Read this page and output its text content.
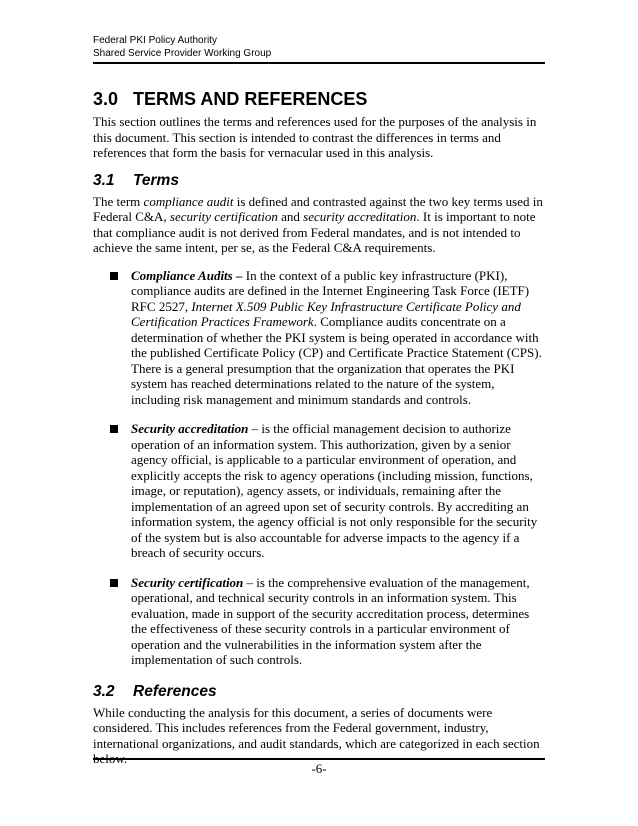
Federal PKI Policy Authority
Shared Service Provider Working Group
3.0 TERMS AND REFERENCES

This section outlines the terms and references used for the purposes of the analysis in this document. This section is intended to contrast the differences in terms and references that form the basis for vernacular used in this analysis.

3.1 Terms

The term compliance audit is defined and contrasted against the two key terms used in Federal C&A, security certification and security accreditation. It is important to note that compliance audit is not derived from Federal mandates, and is not intended to achieve the same intent, per se, as the Federal C&A requirements.

Compliance Audits – In the context of a public key infrastructure (PKI), compliance audits are defined in the Internet Engineering Task Force (IETF) RFC 2527, Internet X.509 Public Key Infrastructure Certificate Policy and Certification Practices Framework. Compliance audits concentrate on a determination of whether the PKI system is being operated in accordance with the published Certificate Policy (CP) and Certificate Practice Statement (CPS). There is a general presumption that the organization that operates the PKI system has reached determinations related to the nature of the system, including risk management and minimum standards and controls.
Security accreditation – is the official management decision to authorize operation of an information system. This authorization, given by a senior agency official, is applicable to a particular environment of operation, and explicitly accepts the risk to agency operations (including mission, functions, image, or reputation), agency assets, or individuals, remaining after the implementation of an agreed upon set of security controls. By accrediting an information system, the agency official is not only responsible for the security of the system but is also accountable for adverse impacts to the agency if a breach of security occurs.
Security certification – is the comprehensive evaluation of the management, operational, and technical security controls in an information system. This evaluation, made in support of the security accreditation process, determines the effectiveness of these security controls in a particular environment of operation and the vulnerabilities in the information system after the implementation of such controls.
3.2 References

While conducting the analysis for this document, a series of documents were considered. This includes references from the Federal government, industry, international organizations, and audit standards, which are categorized in each section below.

-6-
